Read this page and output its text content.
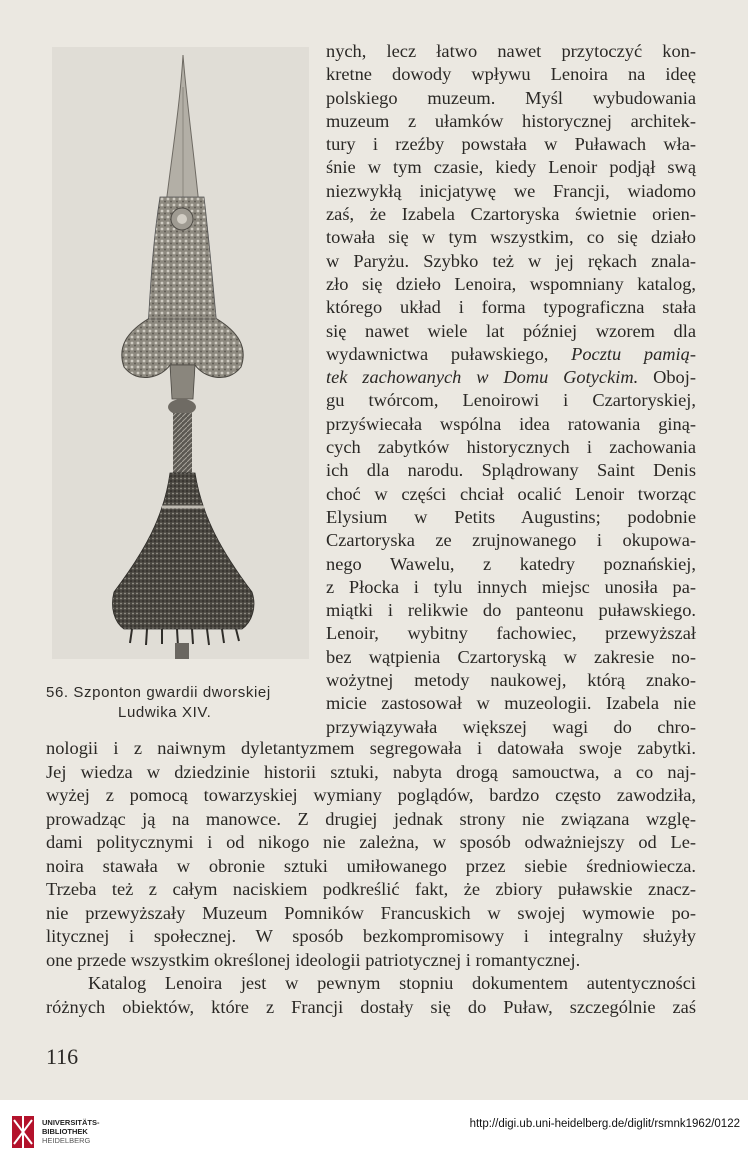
56. Szponton gwardii dworskiej
Ludwika XIV.
nych, lecz łatwo nawet przytoczyć kon-
kretne dowody wpływu Lenoira na ideę
polskiego muzeum. Myśl wybudowania
muzeum z ułamków historycznej architek-
tury i rzeźby powstała w Puławach wła-
śnie w tym czasie, kiedy Lenoir podjął swą
niezwykłą inicjatywę we Francji, wiadomo
zaś, że Izabela Czartoryska świetnie orien-
towała się w tym wszystkim, co się działo
w Paryżu. Szybko też w jej rękach znala-
zło się dzieło Lenoira, wspomniany katalog,
którego układ i forma typograficzna stała
się nawet wiele lat później wzorem dla
wydawnictwa puławskiego, Pocztu pamią-
tek zachowanych w Domu Gotyckim. Oboj-
gu twórcom, Lenoirowi i Czartoryskiej,
przyświecała wspólna idea ratowania giną-
cych zabytków historycznych i zachowania
ich dla narodu. Splądrowany Saint Denis
choć w części chciał ocalić Lenoir tworząc
Elysium w Petits Augustins; podobnie
Czartoryska ze zrujnowanego i okupowa-
nego Wawelu, z katedry poznańskiej,
z Płocka i tylu innych miejsc unosiła pa-
miątki i relikwie do panteonu puławskiego.
Lenoir, wybitny fachowiec, przewyższał
bez wątpienia Czartoryską w zakresie no-
wożytnej metody naukowej, którą znako-
micie zastosował w muzeologii. Izabela nie
przywiązywała większej wagi do chro-
nologii i z naiwnym dyletantyzmem segregowała i datowała swoje zabytki.
Jej wiedza w dziedzinie historii sztuki, nabyta drogą samouctwa, a co naj-
wyżej z pomocą towarzyskiej wymiany poglądów, bardzo często zawodziła,
prowadząc ją na manowce. Z drugiej jednak strony nie związana wzglę-
dami politycznymi i od nikogo nie zależna, w sposób odważniejszy od Le-
noira stawała w obronie sztuki umiłowanego przez siebie średniowiecza.
Trzeba też z całym naciskiem podkreślić fakt, że zbiory puławskie znacz-
nie przewyższały Muzeum Pomników Francuskich w swojej wymowie po-
litycznej i społecznej. W sposób bezkompromisowy i integralny służyły
one przede wszystkim określonej ideologii patriotycznej i romantycznej.
Katalog Lenoira jest w pewnym stopniu dokumentem autentyczności
różnych obiektów, które z Francji dostały się do Puław, szczególnie zaś
116
UNIVERSITÄTS-
BIBLIOTHEK
HEIDELBERG
http://digi.ub.uni-heidelberg.de/diglit/rsmnk1962/0122
